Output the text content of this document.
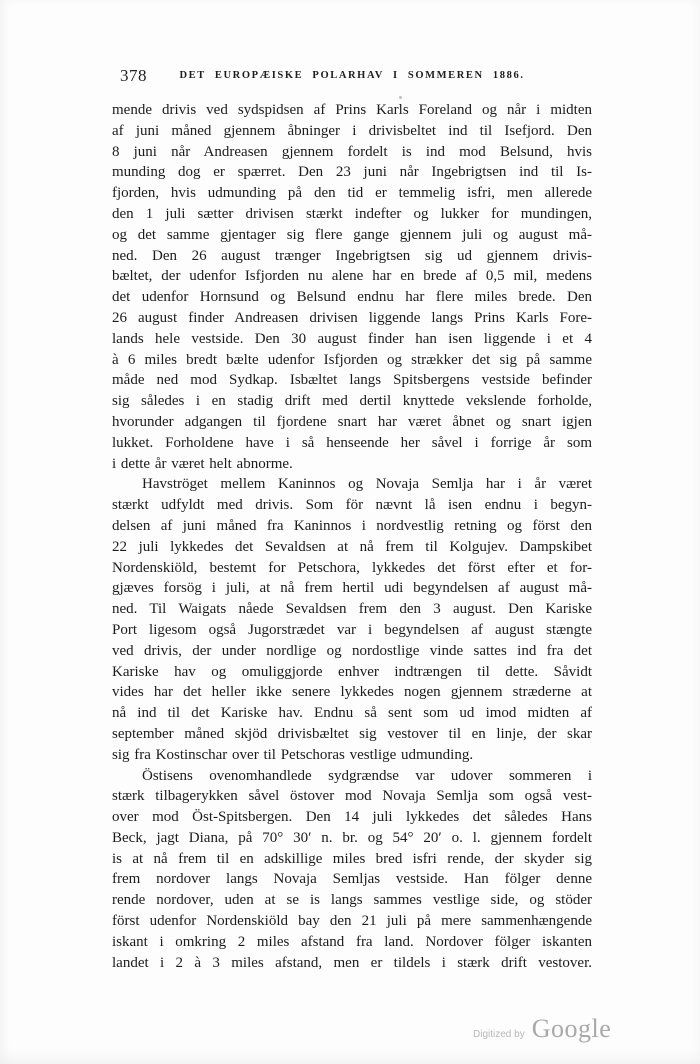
378	DET EUROPÆISKE POLARHAV I SOMMEREN 1886.
mende drivis ved sydspidsen af Prins Karls Foreland og når i midten
af juni måned gjennem åbninger i drivisbeltet ind til Isefjord. Den
8 juni når Andreasen gjennem fordelt is ind mod Belsund, hvis
munding dog er spærret. Den 23 juni når Ingebrigtsen ind til Is-
fjorden, hvis udmunding på den tid er temmelig isfri, men allerede
den 1 juli sætter drivisen stærkt indefter og lukker for mundingen,
og det samme gjentager sig flere gange gjennem juli og august må-
ned. Den 26 august trænger Ingebrigtsen sig ud gjennem drivis-
bæltet, der udenfor Isfjorden nu alene har en brede af 0,5 mil, medens
det udenfor Hornsund og Belsund endnu har flere miles brede. Den
26 august finder Andreasen drivisen liggende langs Prins Karls Fore-
lands hele vestside. Den 30 august finder han isen liggende i et 4
à 6 miles bredt bælte udenfor Isfjorden og strækker det sig på samme
måde ned mod Sydkap. Isbæltet langs Spitsbergens vestside befinder
sig således i en stadig drift med dertil knyttede vekslende forholde,
hvorunder adgangen til fjordene snart har været åbnet og snart igjen
lukket. Forholdene have i så henseende her såvel i forrige år som
i dette år været helt abnorme.
Havströget mellem Kaninnos og Novaja Semlja har i år været
stærkt udfyldt med drivis. Som för nævnt lå isen endnu i begyn-
delsen af juni måned fra Kaninnos i nordvestlig retning og först den
22 juli lykkedes det Sevaldsen at nå frem til Kolgujev. Dampskibet
Nordenskiöld, bestemt for Petschora, lykkedes det först efter et for-
gjæves forsög i juli, at nå frem hertil udi begyndelsen af august må-
ned. Til Waigats nåede Sevaldsen frem den 3 august. Den Kariske
Port ligesom også Jugorstrædet var i begyndelsen af august stængte
ved drivis, der under nordlige og nordostlige vinde sattes ind fra det
Kariske hav og omuliggjorde enhver indtrængen til dette. Såvidt
vides har det heller ikke senere lykkedes nogen gjennem stræderne at
nå ind til det Kariske hav. Endnu så sent som ud imod midten af
september måned skjöd drivisbæltet sig vestover til en linje, der skar
sig fra Kostinschar over til Petschoras vestlige udmunding.
Östisens ovenomhandlede sydgrændse var udover sommeren i
stærk tilbagerykken såvel östover mod Novaja Semlja som også vest-
over mod Öst-Spitsbergen. Den 14 juli lykkedes det således Hans
Beck, jagt Diana, på 70° 30′ n. br. og 54° 20′ o. l. gjennem fordelt
is at nå frem til en adskillige miles bred isfri rende, der skyder sig
frem nordover langs Novaja Semljas vestside. Han fölger denne
rende nordover, uden at se is langs sammes vestlige side, og stöder
först udenfor Nordenskiöld bay den 21 juli på mere sammenhængende
iskant i omkring 2 miles afstand fra land. Nordover fölger iskanten
landet i 2 à 3 miles afstand, men er tildels i stærk drift vestover.
Digitized by Google
